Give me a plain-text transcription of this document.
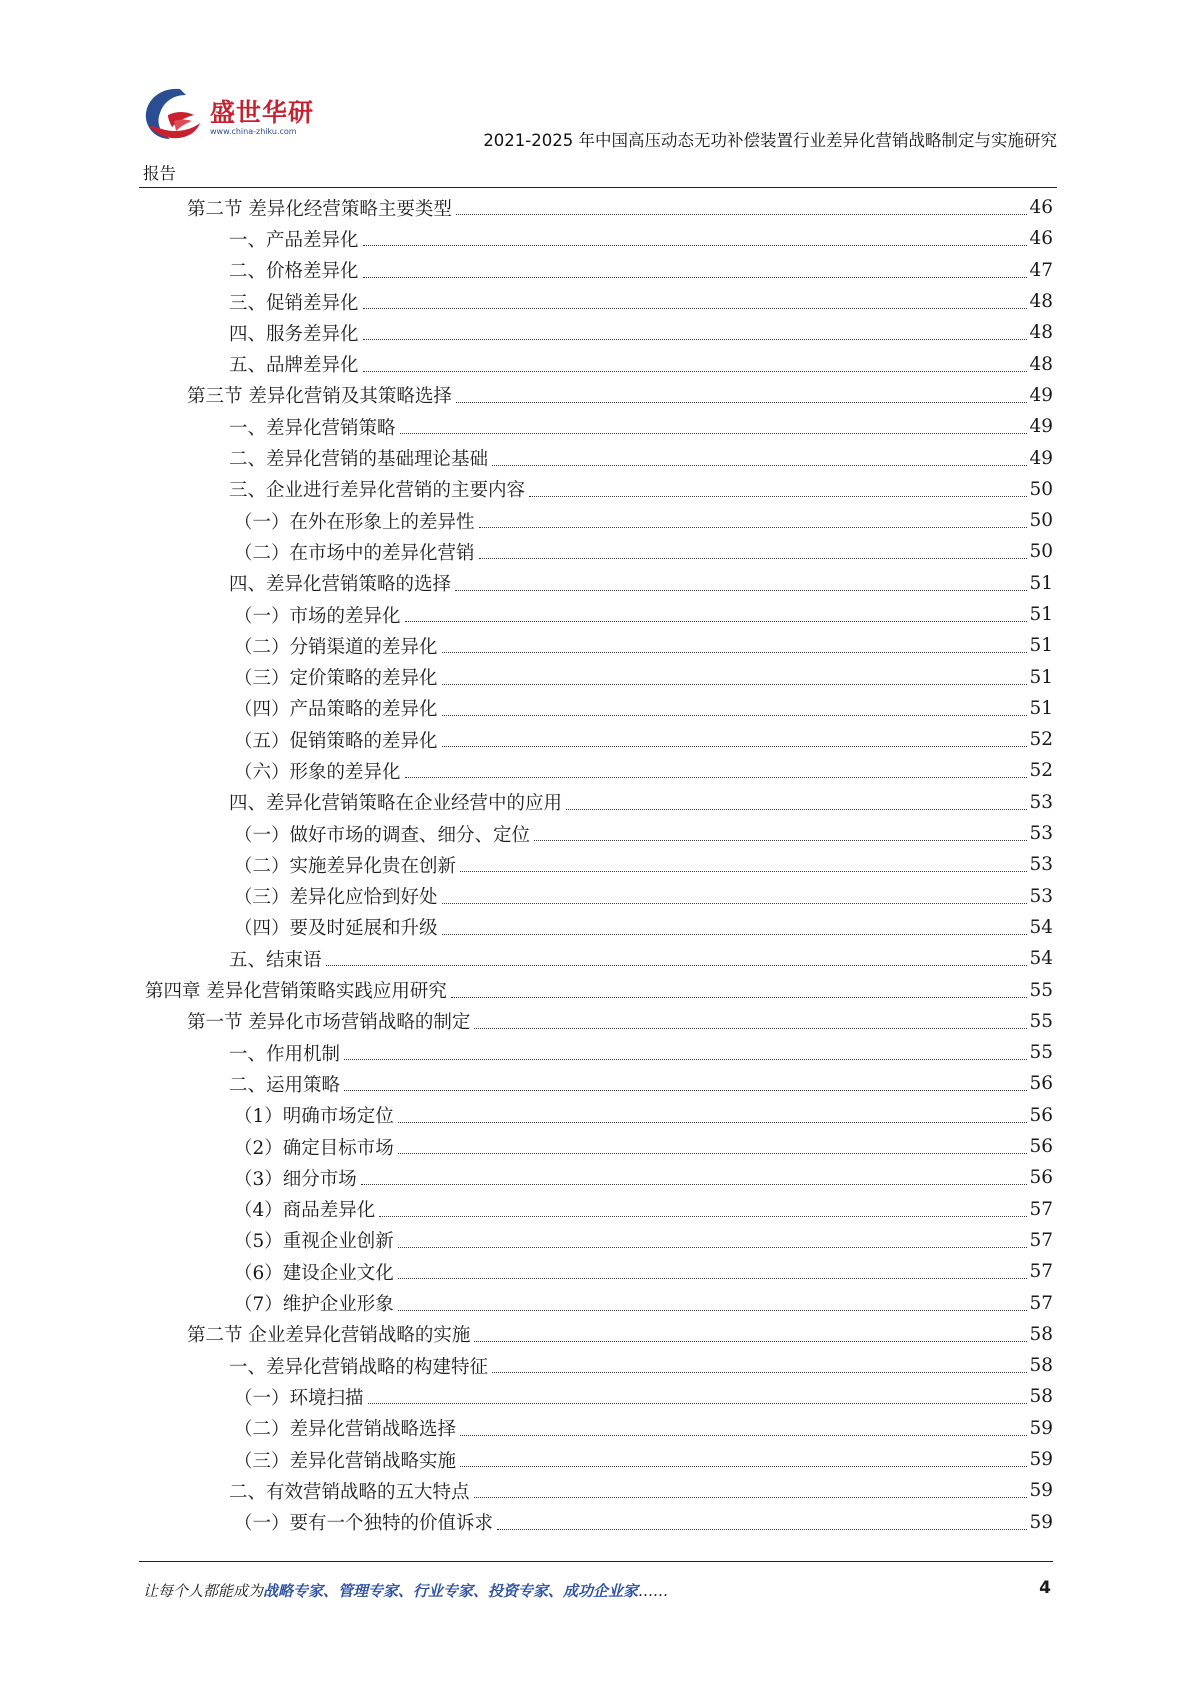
盛世华研
www.china-zhiku.com	2021-2025 年中国高压动态无功补偿装置行业差异化营销战略制定与实施研究
报告
第二节 差异化经营策略主要类型	46
一、产品差异化	46
二、价格差异化	47
三、促销差异化	48
四、服务差异化	48
五、品牌差异化	48
第三节 差异化营销及其策略选择	49
一、差异化营销策略	49
二、差异化营销的基础理论基础	49
三、企业进行差异化营销的主要内容	50
（一）在外在形象上的差异性	50
（二）在市场中的差异化营销	50
四、差异化营销策略的选择	51
（一）市场的差异化	51
（二）分销渠道的差异化	51
（三）定价策略的差异化	51
（四）产品策略的差异化	51
（五）促销策略的差异化	52
（六）形象的差异化	52
四、差异化营销策略在企业经营中的应用	53
（一）做好市场的调查、细分、定位	53
（二）实施差异化贵在创新	53
（三）差异化应恰到好处	53
（四）要及时延展和升级	54
五、结束语	54
第四章 差异化营销策略实践应用研究	55
第一节 差异化市场营销战略的制定	55
一、作用机制	55
二、运用策略	56
（1）明确市场定位	56
（2）确定目标市场	56
（3）细分市场	56
（4）商品差异化	57
（5）重视企业创新	57
（6）建设企业文化	57
（7）维护企业形象	57
第二节 企业差异化营销战略的实施	58
一、差异化营销战略的构建特征	58
（一）环境扫描	58
（二）差异化营销战略选择	59
（三）差异化营销战略实施	59
二、有效营销战略的五大特点	59
（一）要有一个独特的价值诉求	59
让每个人都能成为战略专家、管理专家、行业专家、投资专家、成功企业家……	4
